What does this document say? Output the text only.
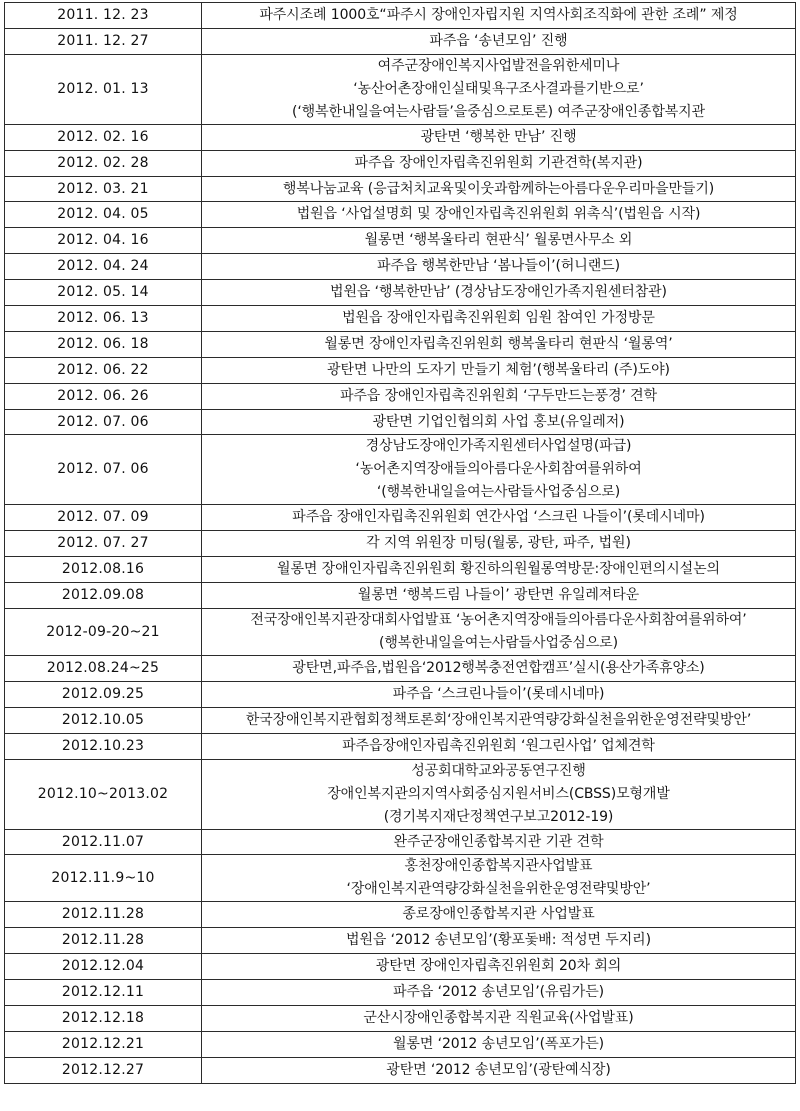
2011. 12. 23	파주시조례 1000호“파주시 장애인자립지원 지역사회조직화에 관한 조례” 제정
2011. 12. 27	파주읍 ‘송년모임’ 진행
2012. 01. 13	여주군장애인복지사업발전을위한세미나
‘농산어촌장애인실태및욕구조사결과를기반으로’
(‘행복한내일을여는사람들’을중심으로토론) 여주군장애인종합복지관
2012. 02. 16	광탄면 ‘행복한 만남’ 진행
2012. 02. 28	파주읍 장애인자립촉진위원회 기관견학(복지관)
2012. 03. 21	행복나눔교육 (응급처치교육및이웃과함께하는아름다운우리마을만들기)
2012. 04. 05	법원읍 ‘사업설명회 및 장애인자립촉진위원회 위촉식’(법원읍 시작)
2012. 04. 16	월롱면 ‘행복울타리 현판식’ 월롱면사무소 외
2012. 04. 24	파주읍 행복한만남 ‘봄나들이’(허니랜드)
2012. 05. 14	법원읍 ‘행복한만남’ (경상남도장애인가족지원센터참관)
2012. 06. 13	법원읍 장애인자립촉진위원회 임원 참여인 가정방문
2012. 06. 18	월롱면 장애인자립촉진위원회 행복울타리 현판식 ‘월롱역’
2012. 06. 22	광탄면 나만의 도자기 만들기 체험’(행복울타리 (주)도야)
2012. 06. 26	파주읍 장애인자립촉진위원회 ‘구두만드는풍경’ 견학
2012. 07. 06	광탄면 기업인협의회 사업 홍보(유일레저)
2012. 07. 06	경상남도장애인가족지원센터사업설명(파급)
‘농어촌지역장애들의아름다운사회참여를위하여
‘(행복한내일을여는사람들사업중심으로)
2012. 07. 09	파주읍 장애인자립촉진위원회 연간사업 ‘스크린 나들이’(롯데시네마)
2012. 07. 27	각 지역 위원장 미팅(월롱, 광탄, 파주, 법원)
2012.08.16	월롱면 장애인자립촉진위원회 황진하의원월롱역방문:장애인편의시설논의
2012.09.08	월롱면 ‘행복드림 나들이’ 광탄면 유일레져타운
2012-09-20~21	전국장애인복지관장대회사업발표 ‘농어촌지역장애들의아름다운사회참여를위하여’
(행복한내일을여는사람들사업중심으로)
2012.08.24~25	광탄면,파주읍,법원읍‘2012행복충전연합캠프’실시(용산가족휴양소)
2012.09.25	파주읍 ‘스크린나들이’(롯데시네마)
2012.10.05	한국장애인복지관협회정책토론회‘장애인복지관역량강화실천을위한운영전략및방안’
2012.10.23	파주읍장애인자립촉진위원회 ‘원그린사업’ 업체견학
2012.10~2013.02	성공회대학교와공동연구진행
장애인복지관의지역사회중심지원서비스(CBSS)모형개발
(경기복지재단정책연구보고2012-19)
2012.11.07	완주군장애인종합복지관 기관 견학
2012.11.9~10	홍천장애인종합복지관사업발표
‘장애인복지관역량강화실천을위한운영전략및방안’
2012.11.28	종로장애인종합복지관 사업발표
2012.11.28	법원읍 ‘2012 송년모임’(황포돛배: 적성면 두지리)
2012.12.04	광탄면 장애인자립촉진위원회 20차 회의
2012.12.11	파주읍 ‘2012 송년모임’(유림가든)
2012.12.18	군산시장애인종합복지관 직원교육(사업발표)
2012.12.21	월롱면 ‘2012 송년모임’(폭포가든)
2012.12.27	광탄면 ‘2012 송년모임’(광탄예식장)
